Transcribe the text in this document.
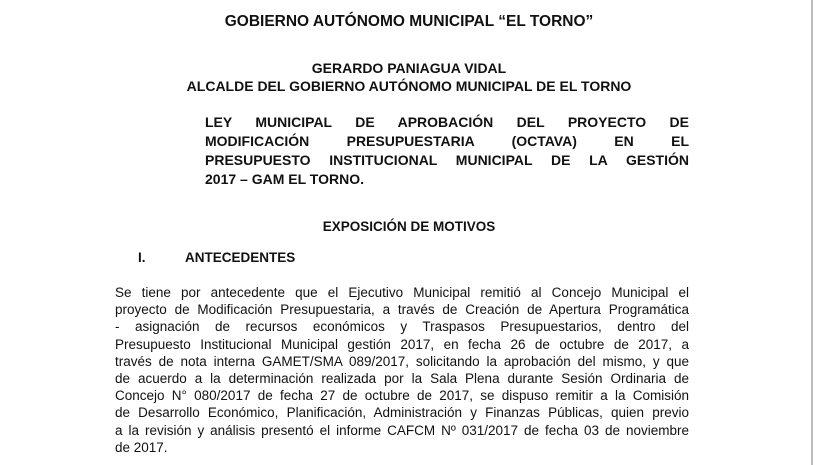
GOBIERNO AUTÓNOMO MUNICIPAL “EL TORNO”
GERARDO PANIAGUA VIDAL
ALCALDE DEL GOBIERNO AUTÓNOMO MUNICIPAL DE EL TORNO
LEY MUNICIPAL DE APROBACIÓN DEL PROYECTO DE
MODIFICACIÓN PRESUPUESTARIA (OCTAVA) EN EL
PRESUPUESTO INSTITUCIONAL MUNICIPAL DE LA GESTIÓN
2017 – GAM EL TORNO.
EXPOSICIÓN DE MOTIVOS
I.	ANTECEDENTES
Se tiene por antecedente que el Ejecutivo Municipal remitió al Concejo Municipal el
proyecto de Modificación Presupuestaria, a través de Creación de Apertura Programática
- asignación de recursos económicos y Traspasos Presupuestarios, dentro del
Presupuesto Institucional Municipal gestión 2017, en fecha 26 de octubre de 2017, a
través de nota interna GAMET/SMA 089/2017, solicitando la aprobación del mismo, y que
de acuerdo a la determinación realizada por la Sala Plena durante Sesión Ordinaria de
Concejo N° 080/2017 de fecha 27 de octubre de 2017, se dispuso remitir a la Comisión
de Desarrollo Económico, Planificación, Administración y Finanzas Públicas, quien previo
a la revisión y análisis presentó el informe CAFCM Nº 031/2017 de fecha 03 de noviembre
de 2017.
